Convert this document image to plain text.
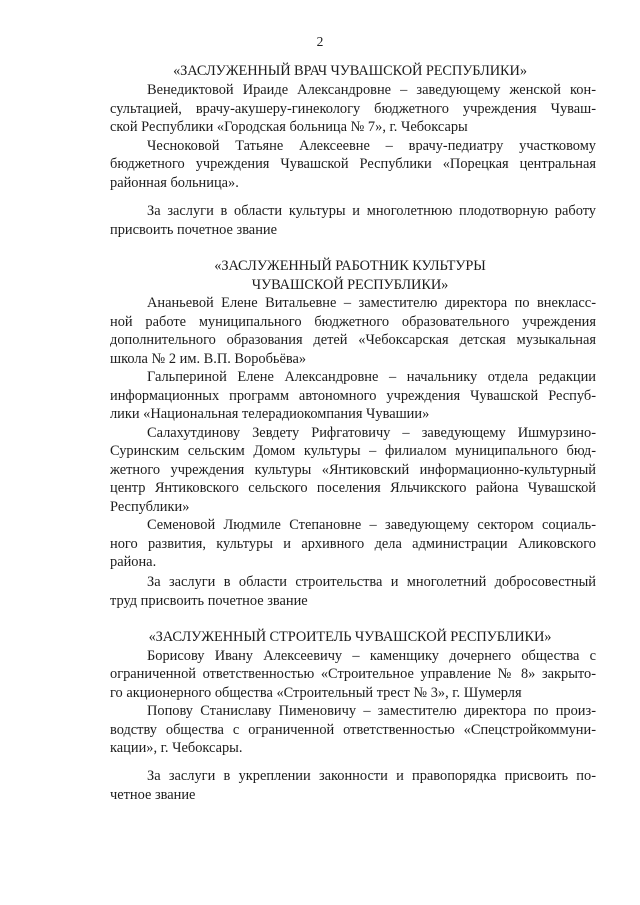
2
«ЗАСЛУЖЕННЫЙ ВРАЧ ЧУВАШСКОЙ РЕСПУБЛИКИ»
Венедиктовой Ираиде Александровне – заведующему женской кон-
сультацией, врачу-акушеру-гинекологу бюджетного учреждения Чуваш-
ской Республики «Городская больница № 7», г. Чебоксары
Чесноковой Татьяне Алексеевне – врачу-педиатру участковому
бюджетного учреждения Чувашской Республики «Порецкая центральная
районная больница».
За заслуги в области культуры и многолетнюю плодотворную работу
присвоить почетное звание
«ЗАСЛУЖЕННЫЙ РАБОТНИК КУЛЬТУРЫ
ЧУВАШСКОЙ РЕСПУБЛИКИ»
Ананьевой Елене Витальевне – заместителю директора по внекласс-
ной работе муниципального бюджетного образовательного учреждения
дополнительного образования детей «Чебоксарская детская музыкальная
школа № 2 им. В.П. Воробьёва»
Гальпериной Елене Александровне – начальнику отдела редакции
информационных программ автономного учреждения Чувашской Респуб-
лики «Национальная телерадиокомпания Чувашии»
Салахутдинову Зевдету Рифгатовичу – заведующему Ишмурзино-
Суринским сельским Домом культуры – филиалом муниципального бюд-
жетного учреждения культуры «Янтиковский информационно-культурный
центр Янтиковского сельского поселения Яльчикского района Чувашской
Республики»
Семеновой Людмиле Степановне – заведующему сектором социаль-
ного развития, культуры и архивного дела администрации Аликовского
района.
За заслуги в области строительства и многолетний добросовестный
труд присвоить почетное звание
«ЗАСЛУЖЕННЫЙ СТРОИТЕЛЬ ЧУВАШСКОЙ РЕСПУБЛИКИ»
Борисову Ивану Алексеевичу – каменщику дочернего общества с
ограниченной ответственностью «Строительное управление № 8» закрыто-
го акционерного общества «Строительный трест № 3», г. Шумерля
Попову Станиславу Пименовичу – заместителю директора по произ-
водству общества с ограниченной ответственностью «Спецстройкоммуни-
кации», г. Чебоксары.
За заслуги в укреплении законности и правопорядка присвоить по-
четное звание
